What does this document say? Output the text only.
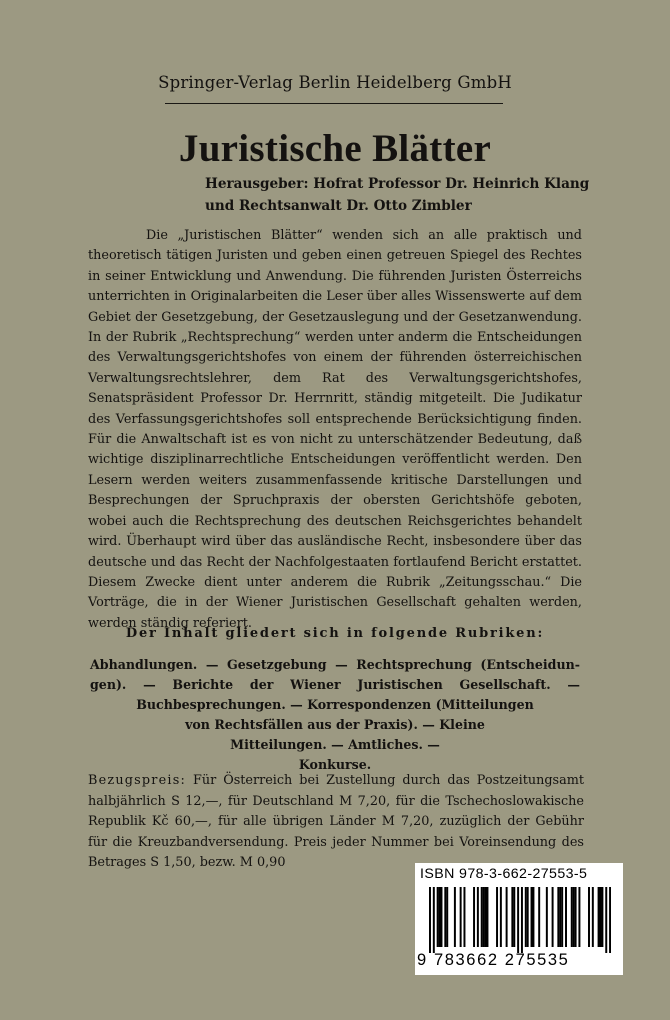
Springer-Verlag Berlin Heidelberg GmbH
Juristische Blätter
Herausgeber: Hofrat Professor Dr. Heinrich Klang
und Rechtsanwalt Dr. Otto Zimbler
Die „Juristischen Blätter“ wenden sich an alle praktisch und theoretisch tätigen Juristen und geben einen getreuen Spiegel des Rechtes in seiner Entwicklung und Anwendung. Die führenden Juristen Österreichs unterrichten in Originalarbeiten die Leser über alles Wissenswerte auf dem Gebiet der Gesetzgebung, der Gesetzauslegung und der Gesetzanwendung. In der Rubrik „Rechtsprechung“ werden unter anderm die Entscheidungen des Verwaltungsgerichtshofes von einem der führenden österreichischen Verwaltungsrechtslehrer, dem Rat des Verwaltungsgerichtshofes, Senatspräsident Professor Dr. Herrnritt, ständig mitgeteilt. Die Judikatur des Verfassungsgerichtshofes soll entsprechende Berücksichtigung finden. Für die Anwaltschaft ist es von nicht zu unterschätzender Bedeutung, daß wichtige disziplinarrechtliche Entscheidungen veröffentlicht werden. Den Lesern werden weiters zusammenfassende kritische Darstellungen und Besprechungen der Spruchpraxis der obersten Gerichtshöfe geboten, wobei auch die Rechtsprechung des deutschen Reichsgerichtes behandelt wird. Überhaupt wird über das ausländische Recht, insbesondere über das deutsche und das Recht der Nachfolgestaaten fortlaufend Bericht erstattet. Diesem Zwecke dient unter anderem die Rubrik „Zeitungsschau.“ Die Vorträge, die in der Wiener Juristischen Gesellschaft gehalten werden, werden ständig referiert.
Der Inhalt gliedert sich in folgende Rubriken:
Abhandlungen. — Gesetzgebung — Rechtsprechung (Entscheidun-
gen). — Berichte der Wiener Juristischen Gesellschaft. —
Buchbesprechungen. — Korrespondenzen (Mitteilungen
von Rechtsfällen aus der Praxis). — Kleine
Mitteilungen. — Amtliches. —
Konkurse.
Bezugspreis: Für Österreich bei Zustellung durch das Postzeitungsamt halbjährlich S 12,—, für Deutschland M 7,20, für die Tschechoslowakische Republik Kč 60,—, für alle übrigen Länder M 7,20, zuzüglich der Gebühr für die Kreuzbandversendung. Preis jeder Nummer bei Voreinsendung des Betrages S 1,50, bezw. M 0,90
ISBN 978-3-662-27553-5
9 783662 275535
